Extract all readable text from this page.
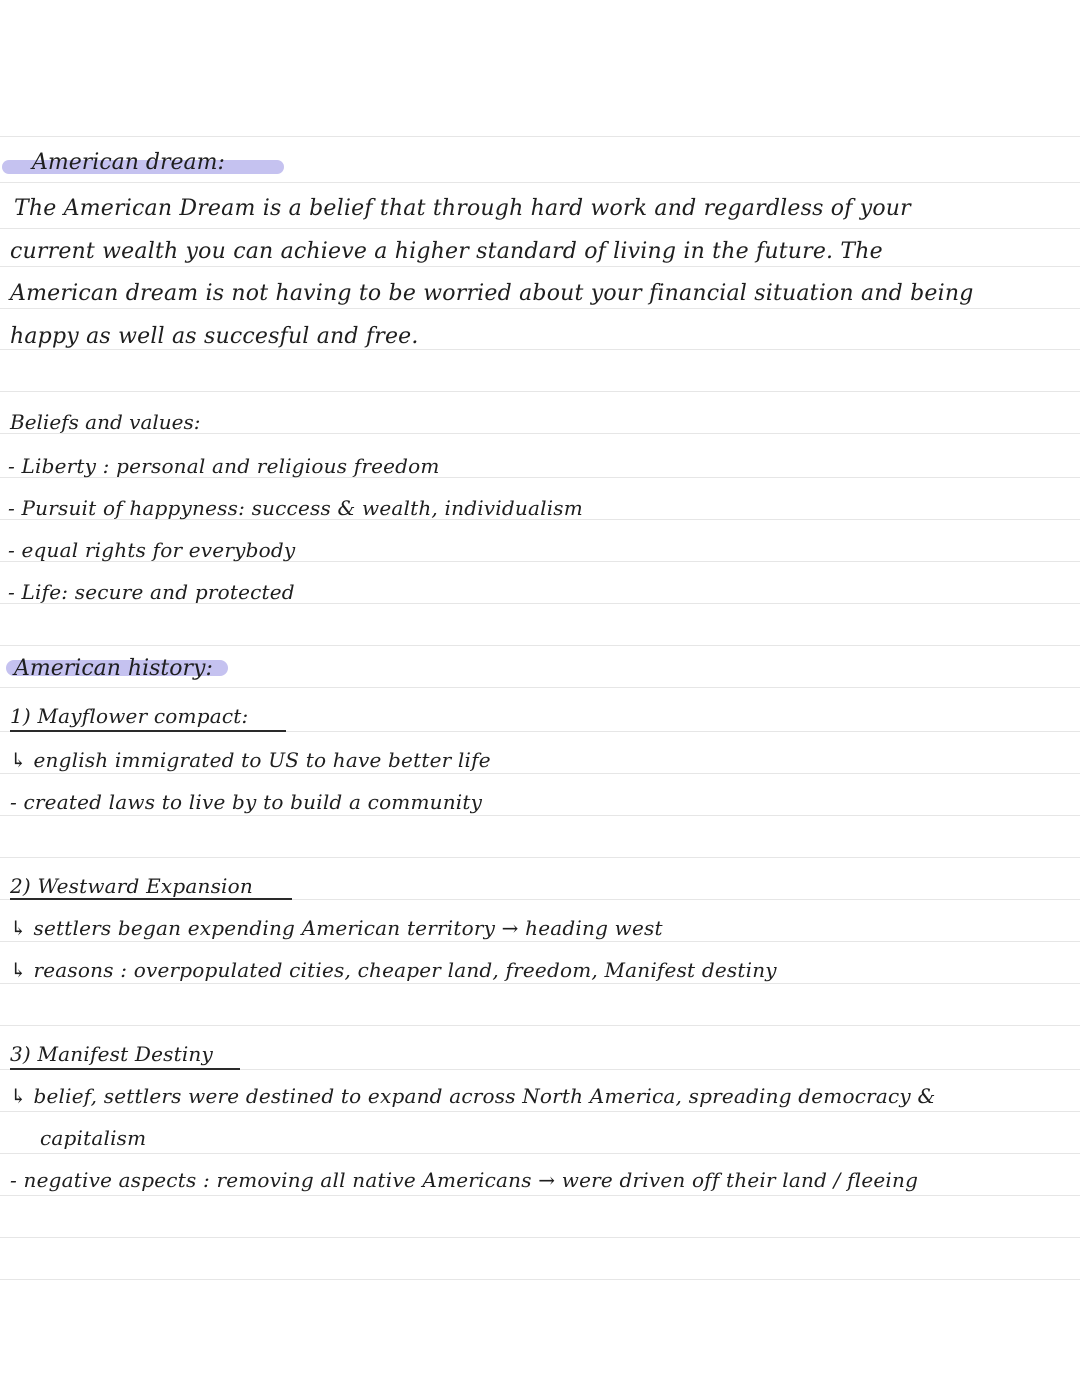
American dream:
The American Dream is a belief that through hard work and regardless of your
current wealth you can achieve a higher standard of living in the future. The
American dream is not having to be worried about your financial situation and being
happy as well as succesful and free.
Beliefs and values:
- Liberty : personal and religious freedom
- Pursuit of happyness: success & wealth, individualism
- equal rights for everybody
- Life: secure and protected
American history:
1) Mayflower compact:
↳ english immigrated to US to have better life
- created laws to live by to build a community
2) Westward Expansion
↳ settlers began expending American territory → heading west
↳ reasons : overpopulated cities, cheaper land, freedom, Manifest destiny
3) Manifest Destiny
↳ belief, settlers were destined to expand across North America, spreading democracy &
capitalism
- negative aspects : removing all native Americans → were driven off their land / fleeing
